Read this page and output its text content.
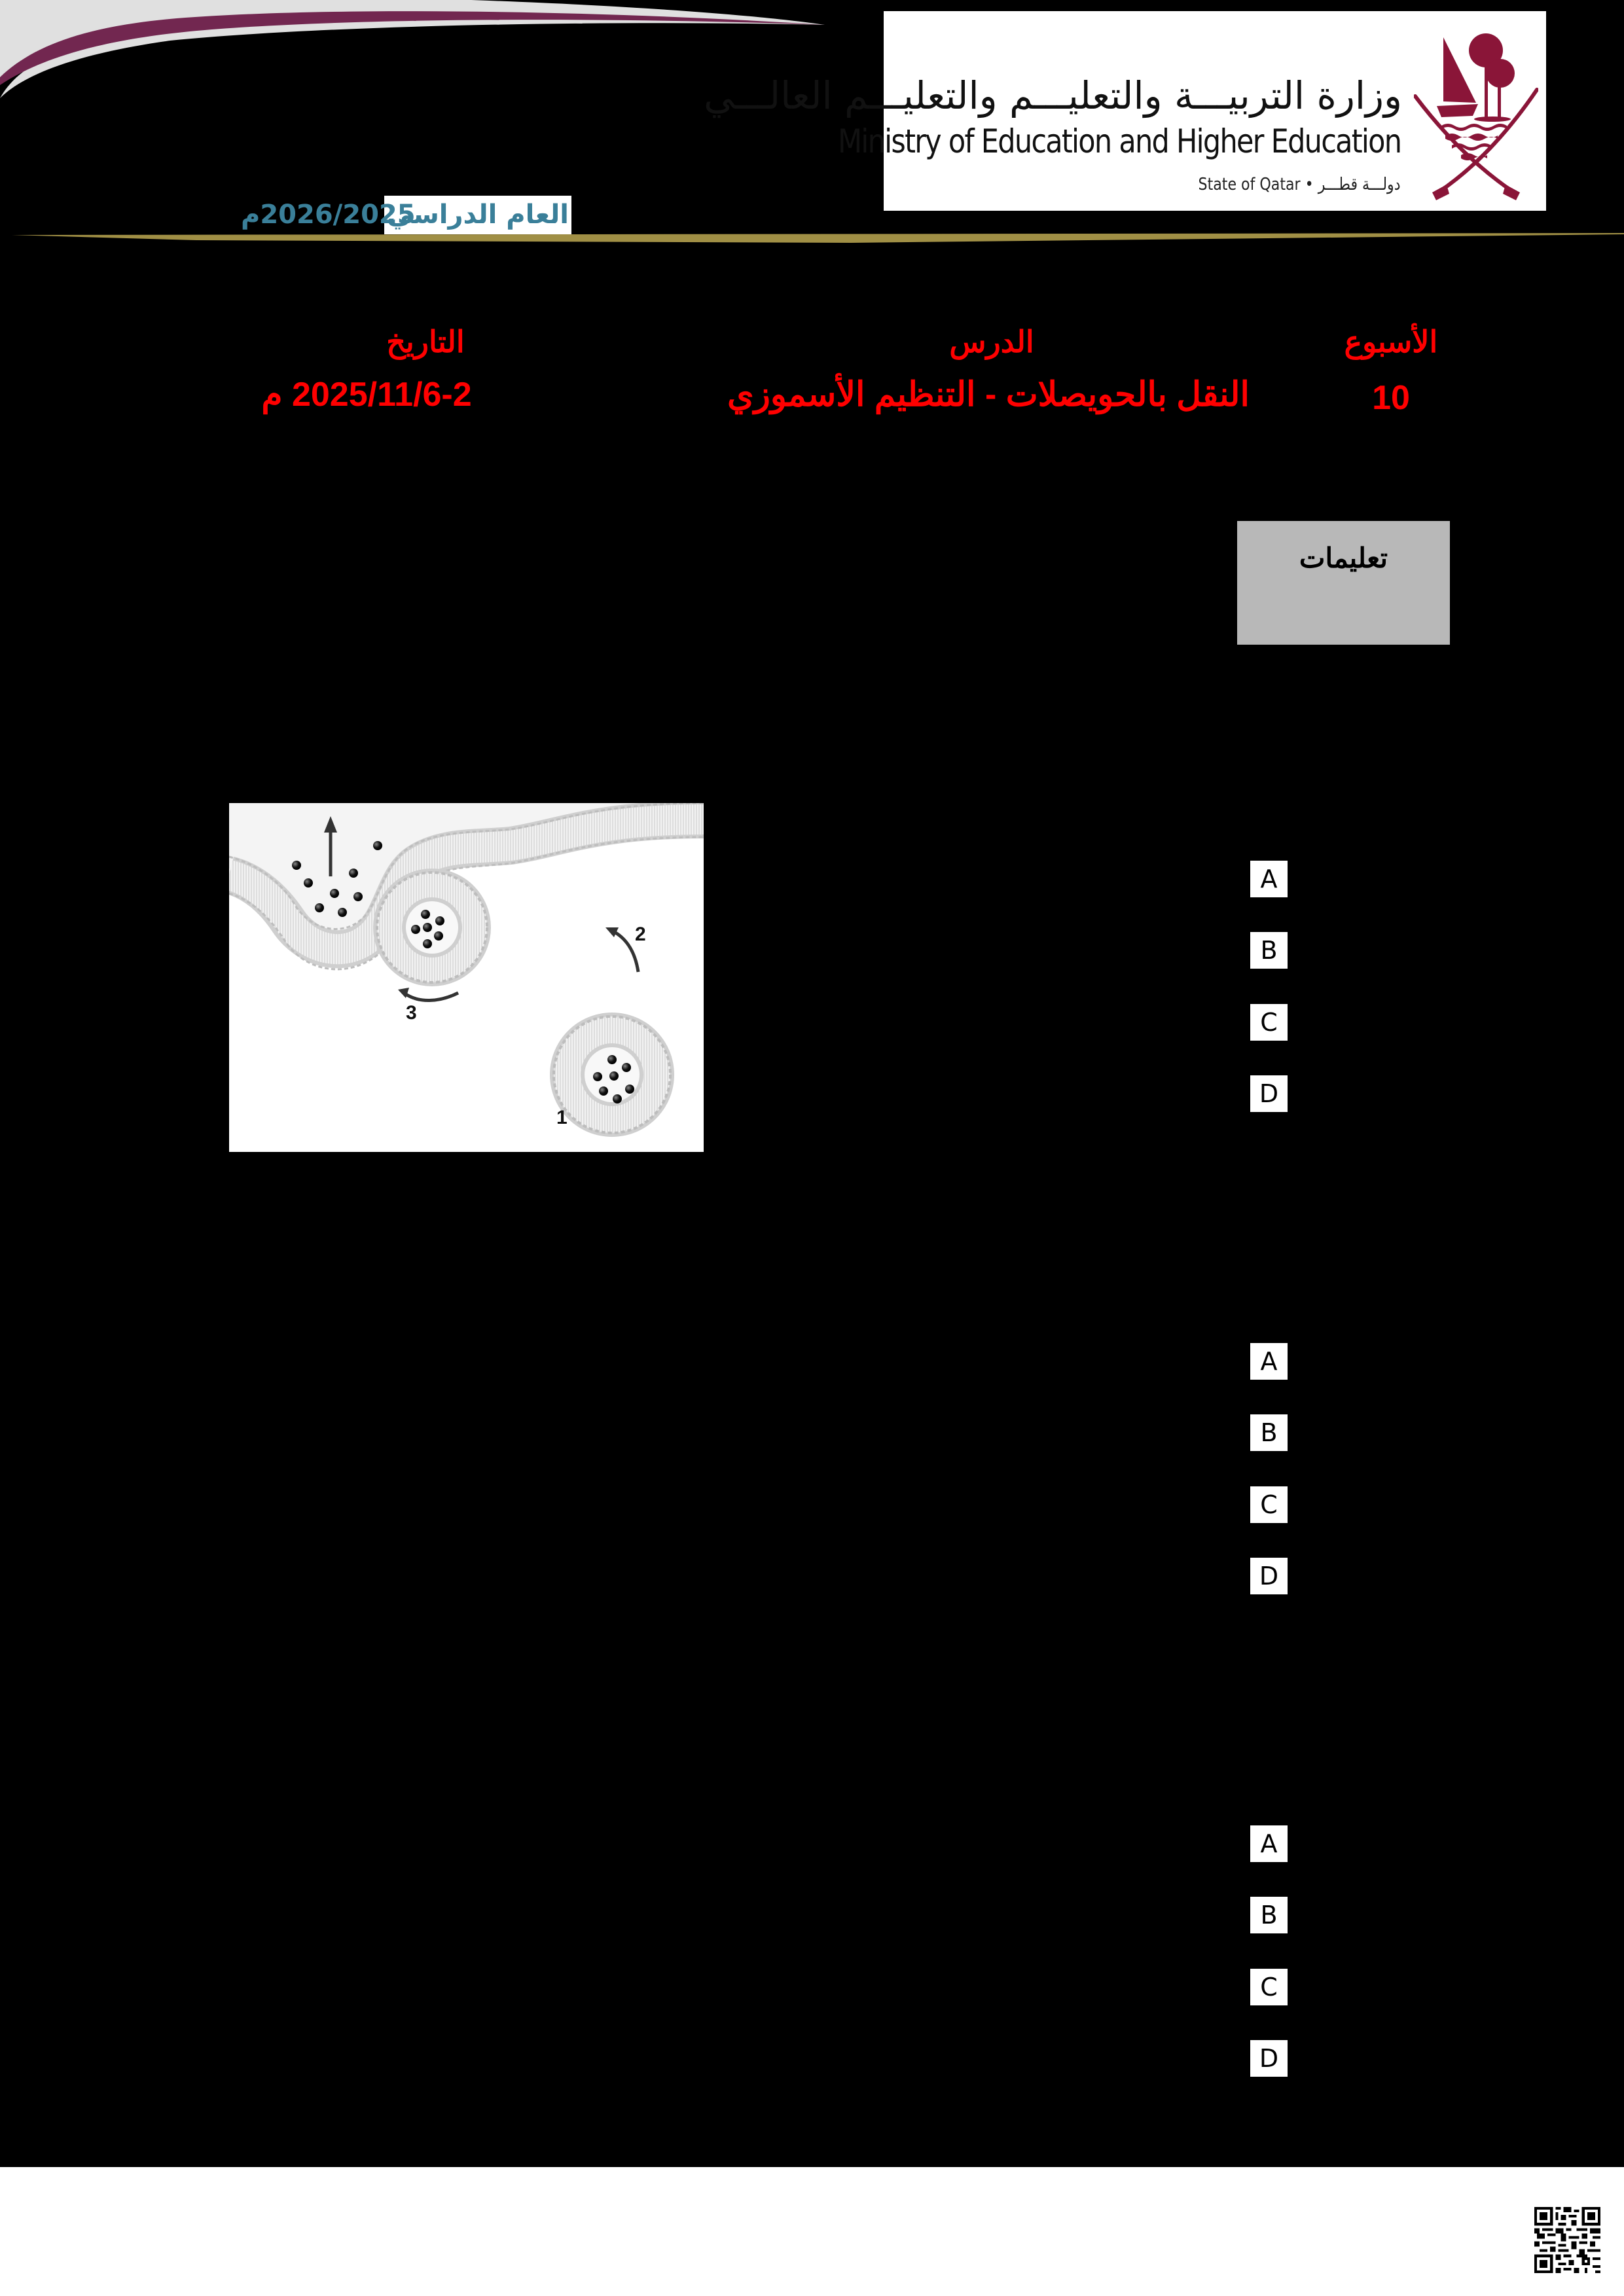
وزارة التربيـــة والتعليـــم والتعليـــم العالـــي
Ministry of Education and Higher Education
State of Qatar • دولـــة قطـــر
العام الدراسي
2026/2025م
الأسبوع
10
الدرس
النقل بالحويصلات - التنظيم الأسموزي
التاريخ
2025/11/6-2 م
تعليمات
1
2
3
A
B
C
D
A
B
C
D
A
B
C
D
